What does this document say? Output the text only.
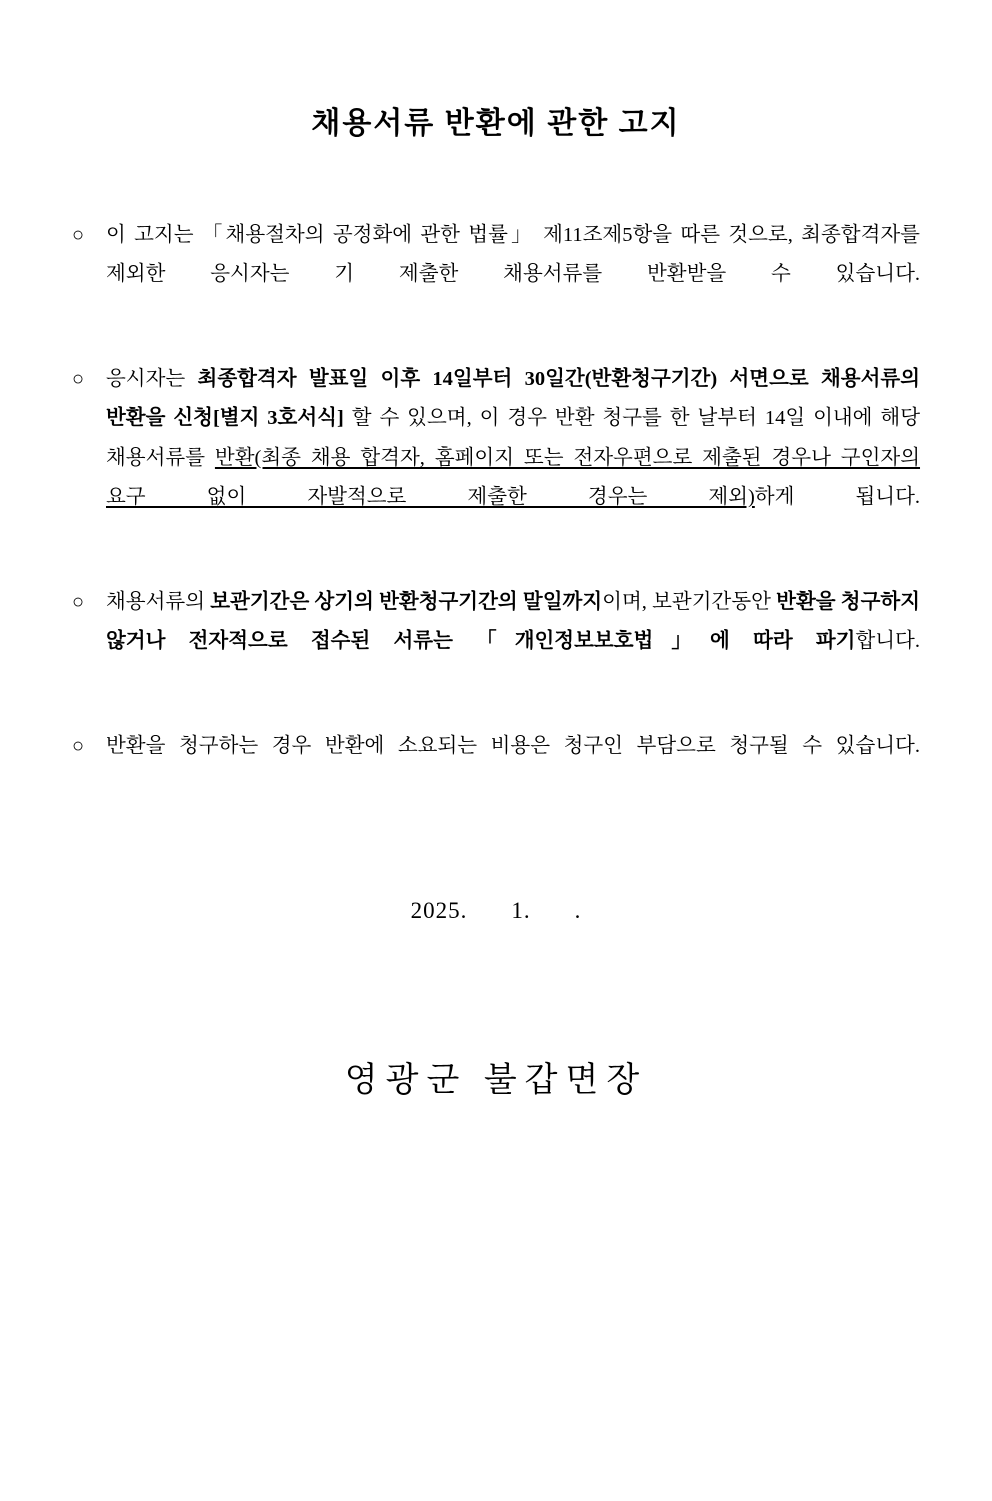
채용서류 반환에 관한 고지
○	이 고지는 「채용절차의 공정화에 관한 법률」 제11조제5항을 따른 것으로, 최종합격자를 제외한 응시자는 기 제출한 채용서류를 반환받을 수 있습니다.
○	응시자는 최종합격자 발표일 이후 14일부터 30일간(반환청구기간) 서면으로 채용서류의 반환을 신청[별지 3호서식] 할 수 있으며, 이 경우 반환 청구를 한 날부터 14일 이내에 해당 채용서류를 반환(최종 채용 합격자, 홈페이지 또는 전자우편으로 제출된 경우나 구인자의 요구 없이 자발적으로 제출한 경우는 제외)하게 됩니다.
○	채용서류의 보관기간은 상기의 반환청구기간의 말일까지이며, 보관기간동안 반환을 청구하지 않거나 전자적으로 접수된 서류는 「개인정보보호법」에 따라 파기합니다.
○	반환을 청구하는 경우 반환에 소요되는 비용은 청구인 부담으로 청구될 수 있습니다.
2025. 1. .
영광군 불갑면장
